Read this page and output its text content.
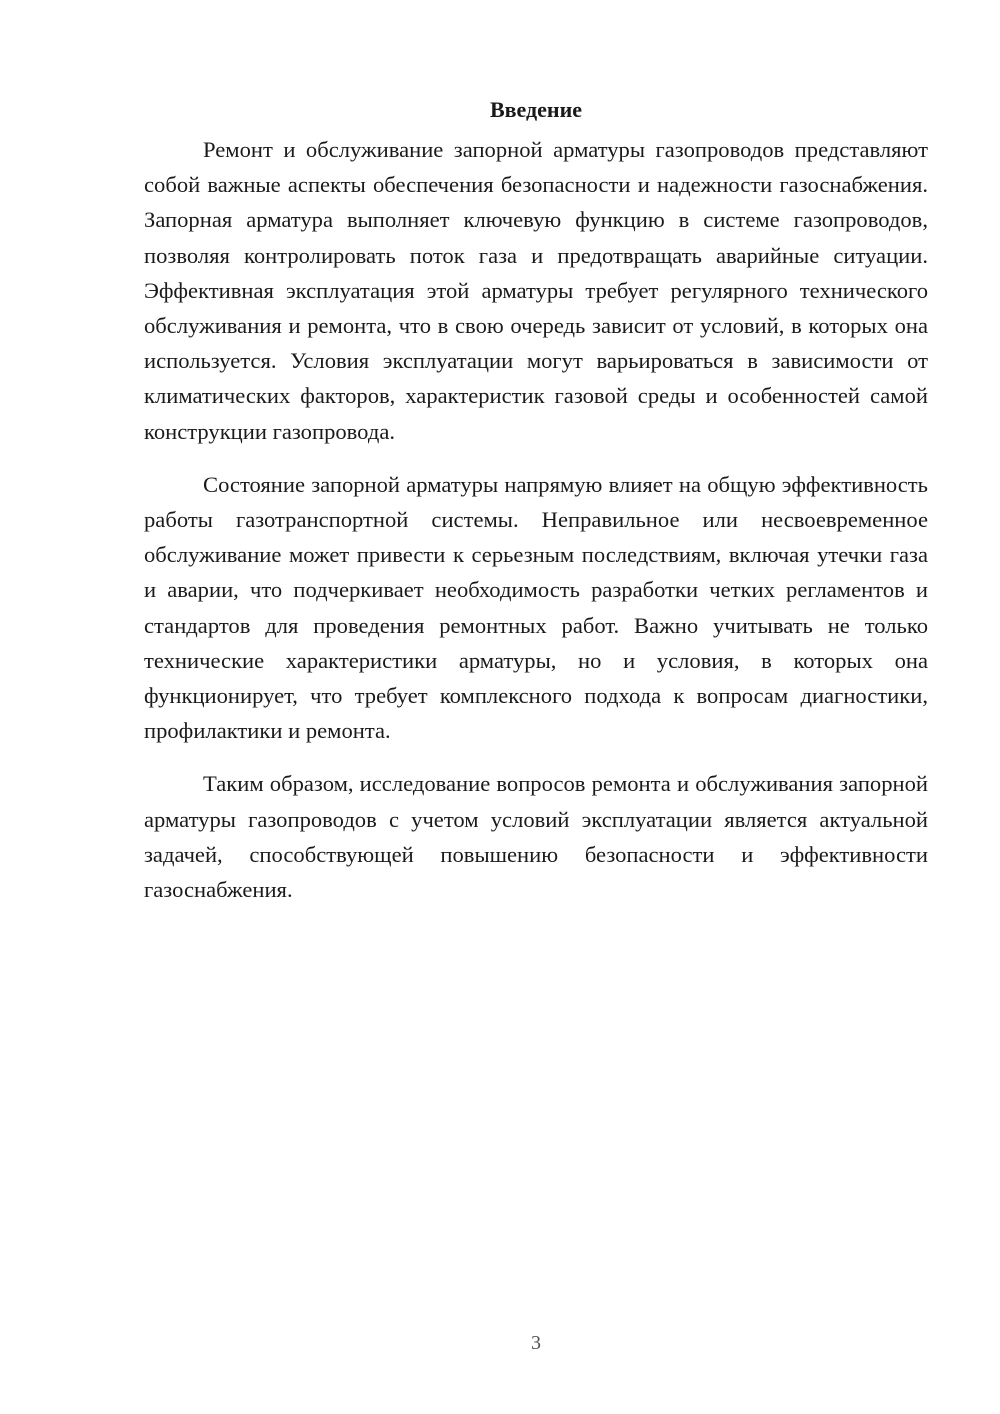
Введение

Ремонт и обслуживание запорной арматуры газопроводов представляют собой важные аспекты обеспечения безопасности и надежности газоснабжения. Запорная арматура выполняет ключевую функцию в системе газопроводов, позволяя контролировать поток газа и предотвращать аварийные ситуации. Эффективная эксплуатация этой арматуры требует регулярного технического обслуживания и ремонта, что в свою очередь зависит от условий, в которых она используется. Условия эксплуатации могут варьироваться в зависимости от климатических факторов, характеристик газовой среды и особенностей самой конструкции газопровода.

Состояние запорной арматуры напрямую влияет на общую эффективность работы газотранспортной системы. Неправильное или несвоевременное обслуживание может привести к серьезным последствиям, включая утечки газа и аварии, что подчеркивает необходимость разработки четких регламентов и стандартов для проведения ремонтных работ. Важно учитывать не только технические характеристики арматуры, но и условия, в которых она функционирует, что требует комплексного подхода к вопросам диагностики, профилактики и ремонта.

Таким образом, исследование вопросов ремонта и обслуживания запорной арматуры газопроводов с учетом условий эксплуатации является актуальной задачей, способствующей повышению безопасности и эффективности газоснабжения.

3
